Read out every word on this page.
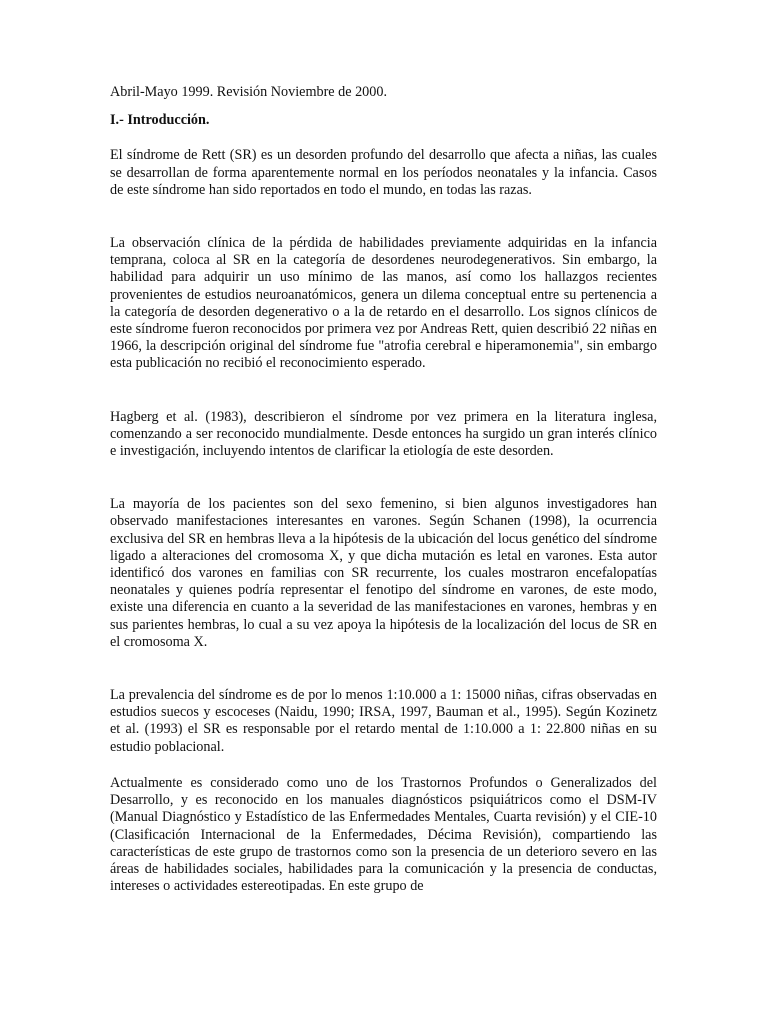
Abril-Mayo 1999. Revisión Noviembre de 2000.

I.- Introducción.

El síndrome de Rett (SR) es un desorden profundo del desarrollo que afecta a niñas, las cuales se desarrollan de forma aparentemente normal en los períodos neonatales y la infancia. Casos de este síndrome han sido reportados en todo el mundo, en todas las razas.

La observación clínica de la pérdida de habilidades previamente adquiridas en la infancia temprana, coloca al SR en la categoría de desordenes neurodegenerativos. Sin embargo, la habilidad para adquirir un uso mínimo de las manos, así como los hallazgos recientes provenientes de estudios neuroanatómicos, genera un dilema conceptual entre su pertenencia a la categoría de desorden degenerativo o a la de retardo en el desarrollo. Los signos clínicos de este síndrome fueron reconocidos por primera vez por Andreas Rett, quien describió 22 niñas en 1966, la descripción original del síndrome fue "atrofia cerebral e hiperamonemia", sin embargo esta publicación no recibió el reconocimiento esperado.

Hagberg et al. (1983), describieron el síndrome por vez primera en la literatura inglesa, comenzando a ser reconocido mundialmente. Desde entonces ha surgido un gran interés clínico e investigación, incluyendo intentos de clarificar la etiología de este desorden.

La mayoría de los pacientes son del sexo femenino, si bien algunos investigadores han observado manifestaciones interesantes en varones. Según Schanen (1998), la ocurrencia exclusiva del SR en hembras lleva a la hipótesis de la ubicación del locus genético del síndrome ligado a alteraciones del cromosoma X, y que dicha mutación es letal en varones. Esta autor identificó dos varones en familias con SR recurrente, los cuales mostraron encefalopatías neonatales y quienes podría representar el fenotipo del síndrome en varones, de este modo, existe una diferencia en cuanto a la severidad de las manifestaciones en varones, hembras y en sus parientes hembras, lo cual a su vez apoya la hipótesis de la localización del locus de SR en el cromosoma X.

La prevalencia del síndrome es de por lo menos 1:10.000 a 1: 15000 niñas, cifras observadas en estudios suecos y escoceses (Naidu, 1990; IRSA, 1997, Bauman et al., 1995). Según Kozinetz et al. (1993) el SR es responsable por el retardo mental de 1:10.000 a 1: 22.800 niñas en su estudio poblacional.

Actualmente es considerado como uno de los Trastornos Profundos o Generalizados del Desarrollo, y es reconocido en los manuales diagnósticos psiquiátricos como el DSM-IV (Manual Diagnóstico y Estadístico de las Enfermedades Mentales, Cuarta revisión) y el CIE-10 (Clasificación Internacional de la Enfermedades, Décima Revisión), compartiendo las características de este grupo de trastornos como son la presencia de un deterioro severo en las áreas de habilidades sociales, habilidades para la comunicación y la presencia de conductas, intereses o actividades estereotipadas. En este grupo de
